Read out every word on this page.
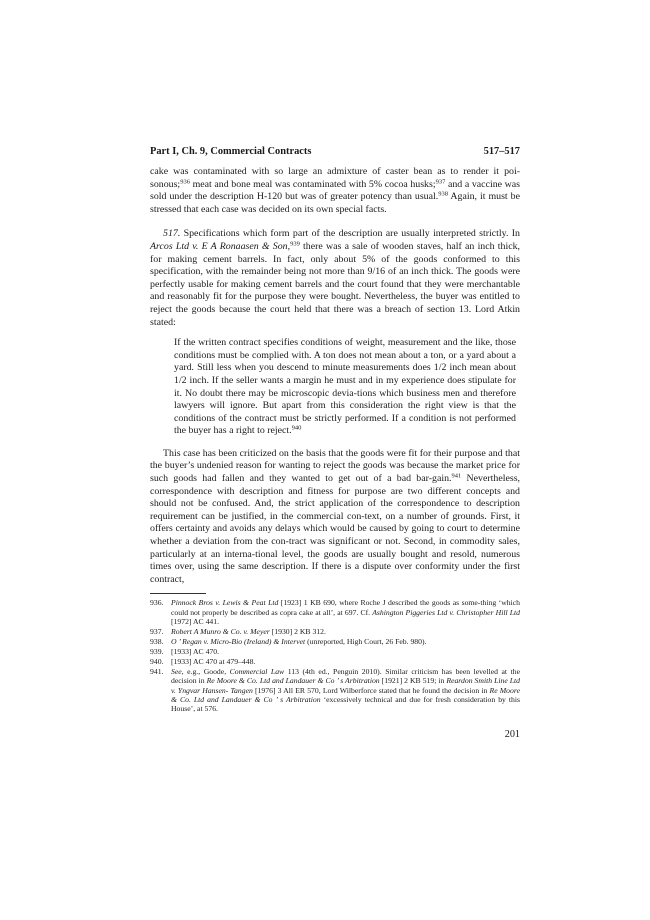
Part I, Ch. 9, Commercial Contracts	517–517

cake was contaminated with so large an admixture of caster bean as to render it poi-sonous;$^{936}$ meat and bone meal was contaminated with 5% cocoa husks;$^{937}$ and a vaccine was sold under the description H-120 but was of greater potency than usual.$^{938}$ Again, it must be stressed that each case was decided on its own special facts.

517. Specifications which form part of the description are usually interpreted strictly. In Arcos Ltd v. E A Ronaasen & Son,$^{939}$ there was a sale of wooden staves, half an inch thick, for making cement barrels. In fact, only about 5% of the goods conformed to this specification, with the remainder being not more than 9/16 of an inch thick. The goods were perfectly usable for making cement barrels and the court found that they were merchantable and reasonably fit for the purpose they were bought. Nevertheless, the buyer was entitled to reject the goods because the court held that there was a breach of section 13. Lord Atkin stated:

If the written contract specifies conditions of weight, measurement and the like, those conditions must be complied with. A ton does not mean about a ton, or a yard about a yard. Still less when you descend to minute measurements does 1/2 inch mean about 1/2 inch. If the seller wants a margin he must and in my experience does stipulate for it. No doubt there may be microscopic devia-tions which business men and therefore lawyers will ignore. But apart from this consideration the right view is that the conditions of the contract must be strictly performed. If a condition is not performed the buyer has a right to reject.$^{940}$

This case has been criticized on the basis that the goods were fit for their purpose and that the buyer’s undenied reason for wanting to reject the goods was because the market price for such goods had fallen and they wanted to get out of a bad bar-gain.$^{941}$ Nevertheless, correspondence with description and fitness for purpose are two different concepts and should not be confused. And, the strict application of the correspondence to description requirement can be justified, in the commercial con-text, on a number of grounds. First, it offers certainty and avoids any delays which would be caused by going to court to determine whether a deviation from the con-tract was significant or not. Second, in commodity sales, particularly at an interna-tional level, the goods are usually bought and resold, numerous times over, using the same description. If there is a dispute over conformity under the first contract,

936. Pinnock Bros v. Lewis & Peat Ltd [1923] 1 KB 690, where Roche J described the goods as some-thing ‘which could not properly be described as copra cake at all’, at 697. Cf. Ashington Piggeries Ltd v. Christopher Hill Ltd [1972] AC 441.
937. Robert A Munro & Co. v. Meyer [1930] 2 KB 312.
938. O ’ Regan v. Micro-Bio (Ireland) & Intervet (unreported, High Court, 26 Feb. 980).
939. [1933] AC 470.
940. [1933] AC 470 at 479–448.
941. See, e.g., Goode, Commercial Law 113 (4th ed., Penguin 2010). Similar criticism has been levelled at the decision in Re Moore & Co. Ltd and Landauer & Co ’ s Arbitration [1921] 2 KB 519; in Reardon Smith Line Ltd v. Yngvar Hansen- Tangen [1976] 3 All ER 570, Lord Wilberforce stated that he found the decision in Re Moore & Co. Ltd and Landauer & Co ’ s Arbitration ‘excessively technical and due for fresh consideration by this House’, at 576.
201
